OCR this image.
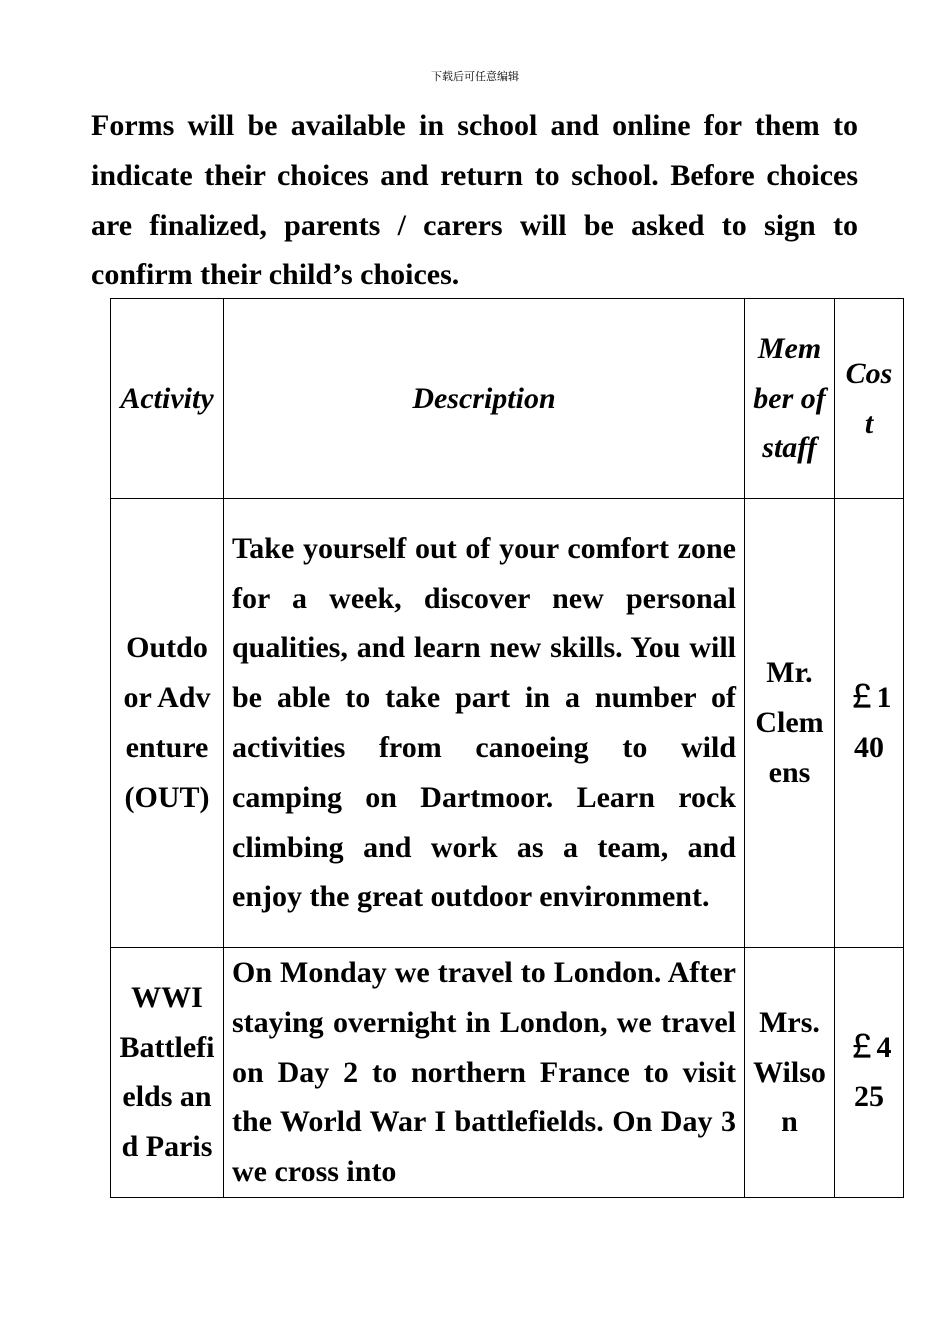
下载后可任意编辑

Forms will be available in school and online for them to indicate their choices and return to school. Before choices are finalized, parents / carers will be asked to sign to confirm their child’s choices.

Activity	Description	Member of staff	Cost
Outdoor Adventure (OUT)	Take yourself out of your comfort zone for a week, discover new personal qualities, and learn new skills. You will be able to take part in a number of activities from canoeing to wild camping on Dartmoor. Learn rock climbing and work as a team, and enjoy the great outdoor environment.	Mr. Clemens	￡140
WWI Battlefields and Paris	On Monday we travel to London. After staying overnight in London, we travel on Day 2 to northern France to visit the World War I battlefields. On Day 3 we cross into	Mrs. Wilson	￡425
